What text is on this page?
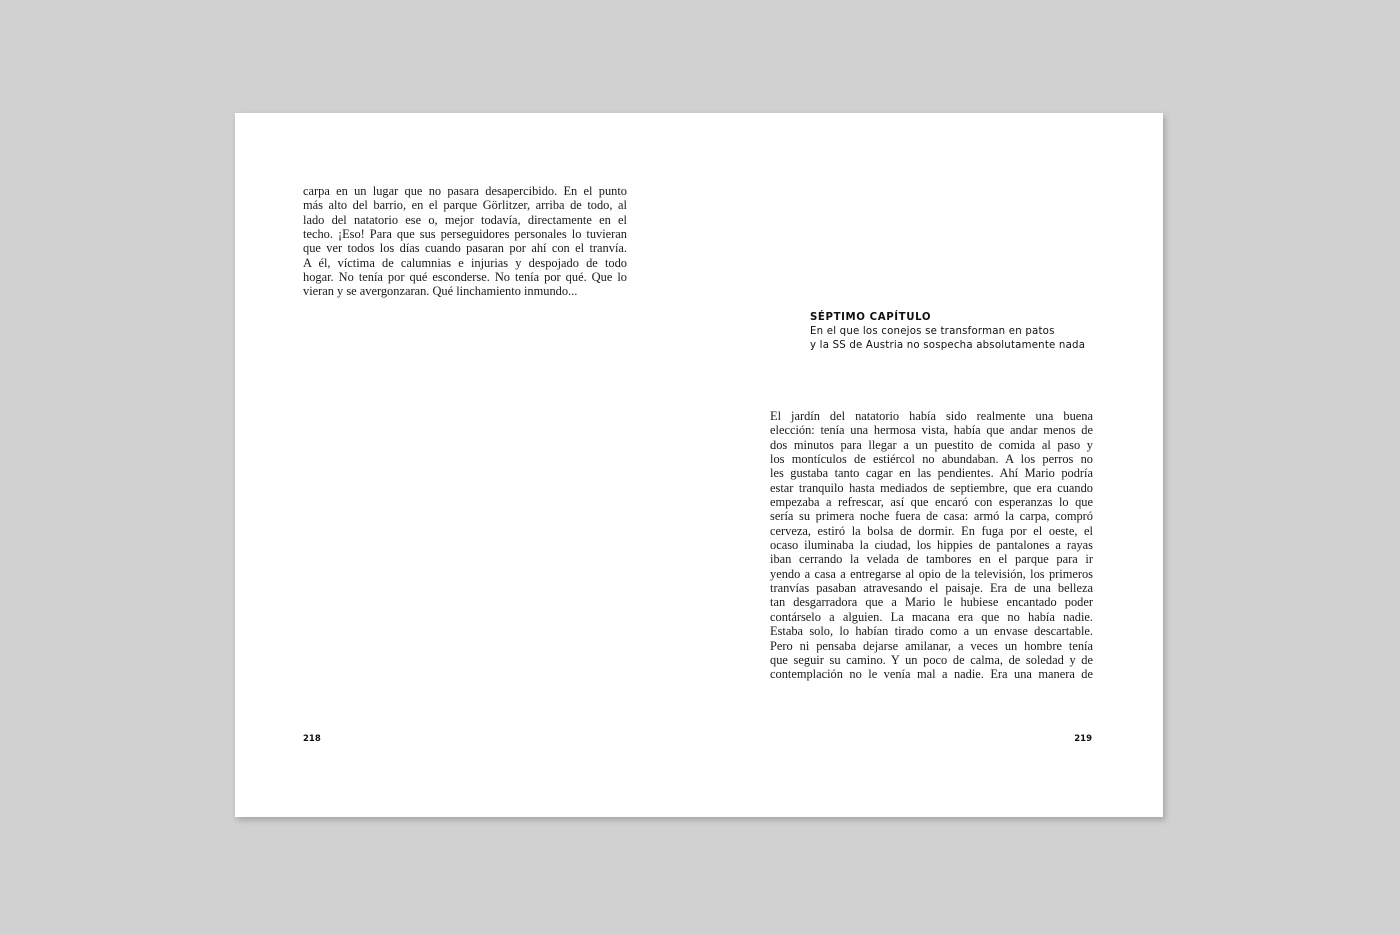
carpa en un lugar que no pasara desapercibido. En el punto
más alto del barrio, en el parque Görlitzer, arriba de todo, al
lado del natatorio ese o, mejor todavía, directamente en el
techo. ¡Eso! Para que sus perseguidores personales lo tuvieran
que ver todos los días cuando pasaran por ahí con el tranvía.
A él, víctima de calumnias e injurias y despojado de todo
hogar. No tenía por qué esconderse. No tenía por qué. Que lo
vieran y se avergonzaran. Qué linchamiento inmundo...
SÉPTIMO CAPÍTULO
En el que los conejos se transforman en patos
y la SS de Austria no sospecha absolutamente nada
El jardín del natatorio había sido realmente una buena
elección: tenía una hermosa vista, había que andar menos de
dos minutos para llegar a un puestito de comida al paso y
los montículos de estiércol no abundaban. A los perros no
les gustaba tanto cagar en las pendientes. Ahí Mario podría
estar tranquilo hasta mediados de septiembre, que era cuando
empezaba a refrescar, así que encaró con esperanzas lo que
sería su primera noche fuera de casa: armó la carpa, compró
cerveza, estiró la bolsa de dormir. En fuga por el oeste, el
ocaso iluminaba la ciudad, los hippies de pantalones a rayas
iban cerrando la velada de tambores en el parque para ir
yendo a casa a entregarse al opio de la televisión, los primeros
tranvías pasaban atravesando el paisaje. Era de una belleza
tan desgarradora que a Mario le hubiese encantado poder
contárselo a alguien. La macana era que no había nadie.
Estaba solo, lo habían tirado como a un envase descartable.
Pero ni pensaba dejarse amilanar, a veces un hombre tenía
que seguir su camino. Y un poco de calma, de soledad y de
contemplación no le venía mal a nadie. Era una manera de
218	219
